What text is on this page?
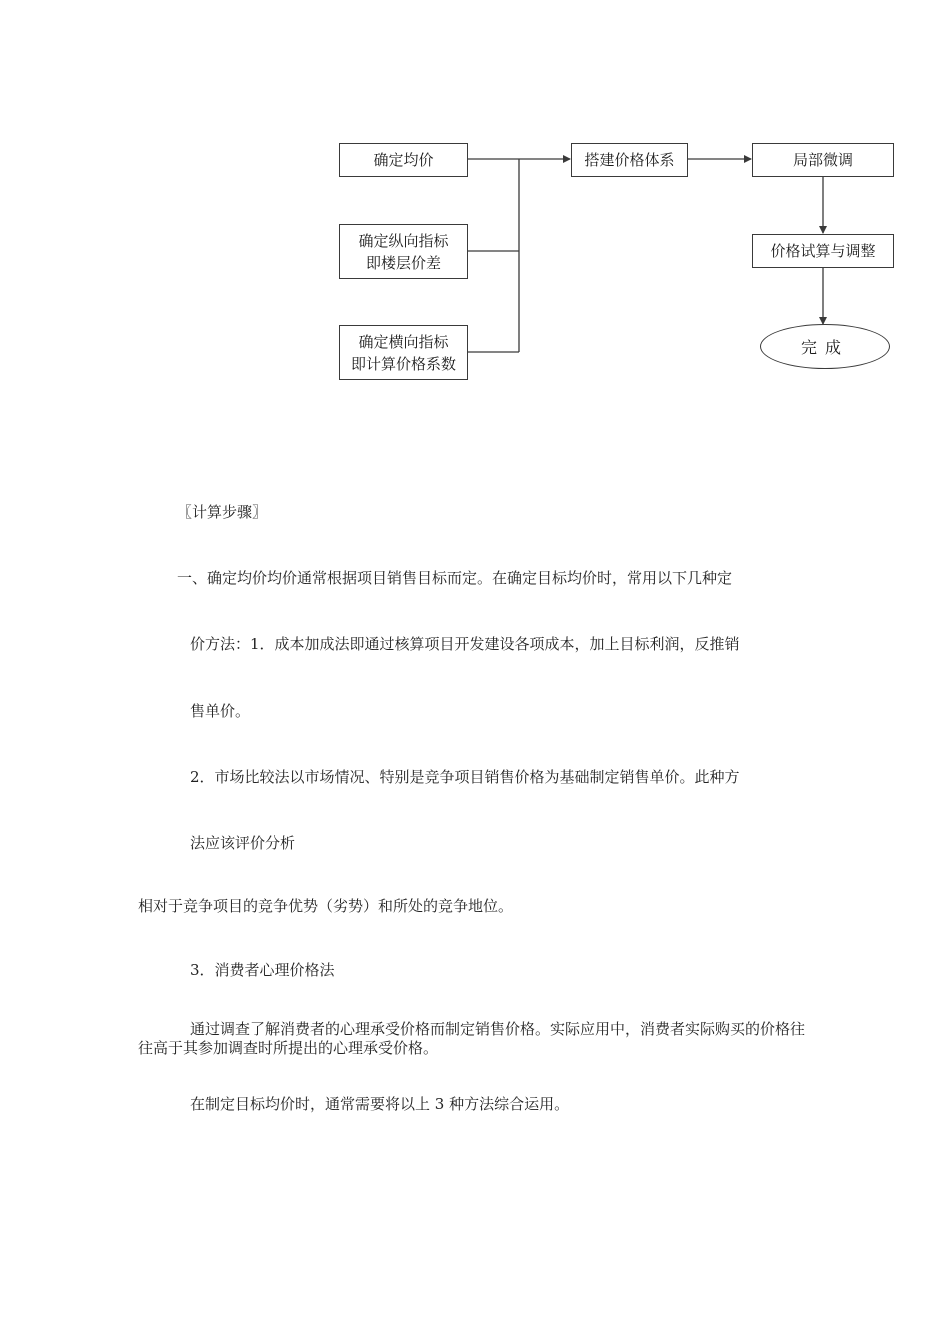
确定均价
确定纵向指标
即楼层价差
确定横向指标
即计算价格系数
搭建价格体系	局部微调
价格试算与调整
完成
〖计算步骤〗
一、确定均价均价通常根据项目销售目标而定。在确定目标均价时，常用以下几种定
价方法：1．成本加成法即通过核算项目开发建设各项成本，加上目标利润，反推销
售单价。
2．市场比较法以市场情况、特别是竞争项目销售价格为基础制定销售单价。此种方
法应该评价分析
相对于竞争项目的竞争优势（劣势）和所处的竞争地位。
3．消费者心理价格法
通过调查了解消费者的心理承受价格而制定销售价格。实际应用中，消费者实际购买的价格往往高于其参加调查时所提出的心理承受价格。
在制定目标均价时，通常需要将以上 3 种方法综合运用。
